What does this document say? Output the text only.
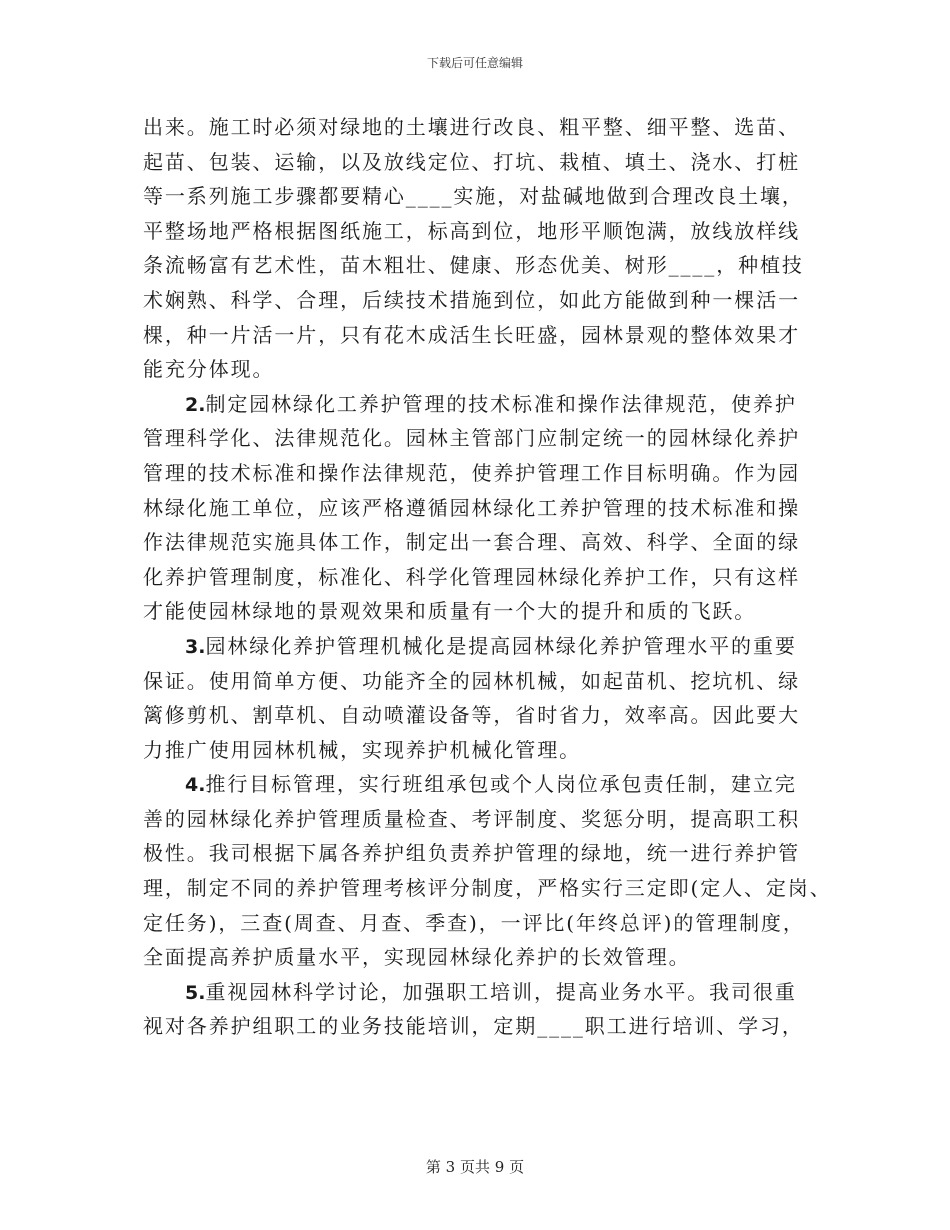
下载后可任意编辑
出来。施工时必须对绿地的土壤进行改良、粗平整、细平整、选苗、
起苗、包装、运输，以及放线定位、打坑、栽植、填土、浇水、打桩
等一系列施工步骤都要精心____实施，对盐碱地做到合理改良土壤，
平整场地严格根据图纸施工，标高到位，地形平顺饱满，放线放样线
条流畅富有艺术性，苗木粗壮、健康、形态优美、树形____，种植技
术娴熟、科学、合理，后续技术措施到位，如此方能做到种一棵活一
棵，种一片活一片，只有花木成活生长旺盛，园林景观的整体效果才
能充分体现。
2.制定园林绿化工养护管理的技术标准和操作法律规范，使养护
管理科学化、法律规范化。园林主管部门应制定统一的园林绿化养护
管理的技术标准和操作法律规范，使养护管理工作目标明确。作为园
林绿化施工单位，应该严格遵循园林绿化工养护管理的技术标准和操
作法律规范实施具体工作，制定出一套合理、高效、科学、全面的绿
化养护管理制度，标准化、科学化管理园林绿化养护工作，只有这样
才能使园林绿地的景观效果和质量有一个大的提升和质的飞跃。
3.园林绿化养护管理机械化是提高园林绿化养护管理水平的重要
保证。使用简单方便、功能齐全的园林机械，如起苗机、挖坑机、绿
篱修剪机、割草机、自动喷灌设备等，省时省力，效率高。因此要大
力推广使用园林机械，实现养护机械化管理。
4.推行目标管理，实行班组承包或个人岗位承包责任制，建立完
善的园林绿化养护管理质量检查、考评制度、奖惩分明，提高职工积
极性。我司根据下属各养护组负责养护管理的绿地，统一进行养护管
理，制定不同的养护管理考核评分制度，严格实行三定即(定人、定岗、
定任务)，三查(周查、月查、季查)，一评比(年终总评)的管理制度，
全面提高养护质量水平，实现园林绿化养护的长效管理。
5.重视园林科学讨论，加强职工培训，提高业务水平。我司很重
视对各养护组职工的业务技能培训，定期____职工进行培训、学习，
第 3 页共 9 页
